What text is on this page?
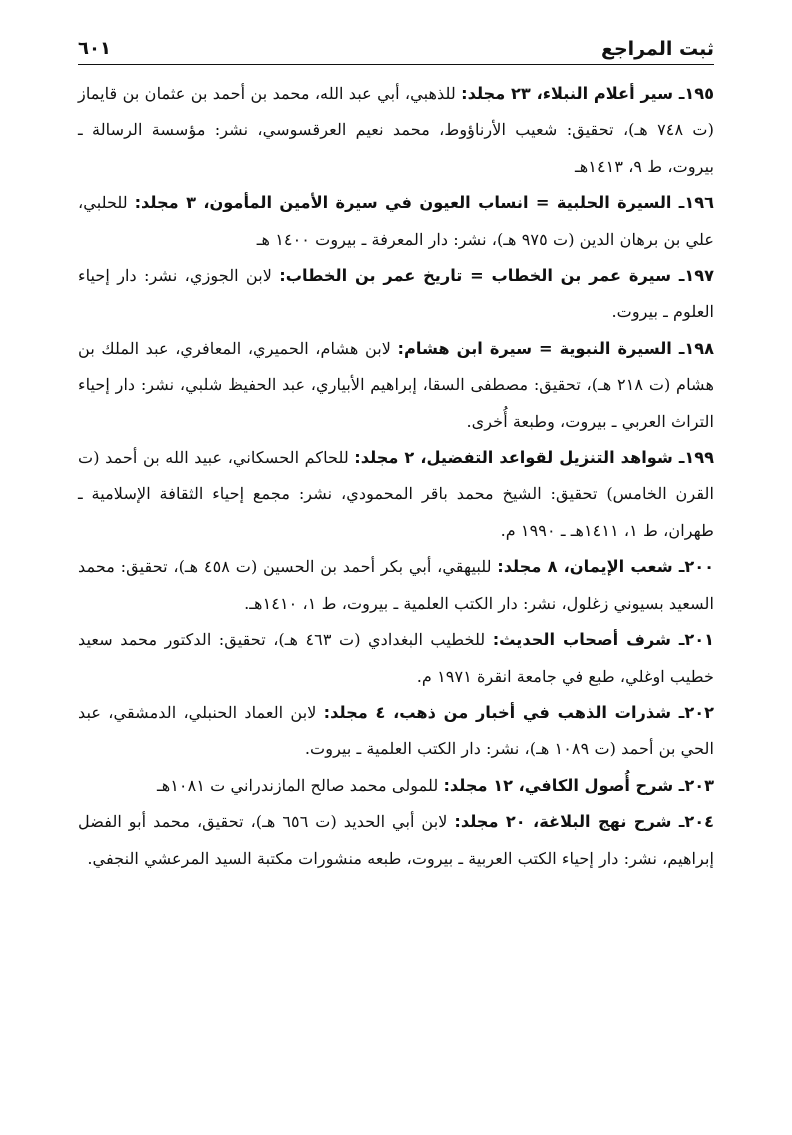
ثبت المراجع
٦٠١
١٩٥ـ سير أعلام النبلاء، ٢٣ مجلد: للذهبي، أبي عبد الله، محمد بن أحمد بن عثمان بن قايماز (ت ٧٤٨ هـ)، تحقيق: شعيب الأرناؤوط، محمد نعيم العرقسوسي، نشر: مؤسسة الرسالة ـ بيروت، ط ٩، ١٤١٣هـ
١٩٦ـ السيرة الحلبية = انساب العيون في سيرة الأمين المأمون، ٣ مجلد: للحلبي، علي بن برهان الدين (ت ٩٧٥ هـ)، نشر: دار المعرفة ـ بيروت ١٤٠٠ هـ
١٩٧ـ سيرة عمر بن الخطاب = تاريخ عمر بن الخطاب: لابن الجوزي، نشر: دار إحياء العلوم ـ بيروت.
١٩٨ـ السيرة النبوية = سيرة ابن هشام: لابن هشام، الحميري، المعافري، عبد الملك بن هشام (ت ٢١٨ هـ)، تحقيق: مصطفى السقا، إبراهيم الأبياري، عبد الحفيظ شلبي، نشر: دار إحياء التراث العربي ـ بيروت، وطبعة أُخرى.
١٩٩ـ شواهد التنزيل لقواعد التفضيل، ٢ مجلد: للحاكم الحسكاني، عبيد الله بن أحمد (ت القرن الخامس) تحقيق: الشيخ محمد باقر المحمودي، نشر: مجمع إحياء الثقافة الإسلامية ـ طهران، ط ١، ١٤١١هـ ـ ١٩٩٠ م.
٢٠٠ـ شعب الإيمان، ٨ مجلد: للبيهقي، أبي بكر أحمد بن الحسين (ت ٤٥٨ هـ)، تحقيق: محمد السعيد بسيوني زغلول، نشر: دار الكتب العلمية ـ بيروت، ط ١، ١٤١٠هـ.
٢٠١ـ شرف أصحاب الحديث: للخطيب البغدادي (ت ٤٦٣ هـ)، تحقيق: الدكتور محمد سعيد خطيب اوغلي، طبع في جامعة انقرة ١٩٧١ م.
٢٠٢ـ شذرات الذهب في أخبار من ذهب، ٤ مجلد: لابن العماد الحنبلي، الدمشقي، عبد الحي بن أحمد (ت ١٠٨٩ هـ)، نشر: دار الكتب العلمية ـ بيروت.
٢٠٣ـ شرح أُصول الكافي، ١٢ مجلد: للمولى محمد صالح المازندراني ت ١٠٨١هـ
٢٠٤ـ شرح نهج البلاغة، ٢٠ مجلد: لابن أبي الحديد (ت ٦٥٦ هـ)، تحقيق، محمد أبو الفضل إبراهيم، نشر: دار إحياء الكتب العربية ـ بيروت، طبعه منشورات مكتبة السيد المرعشي النجفي.
